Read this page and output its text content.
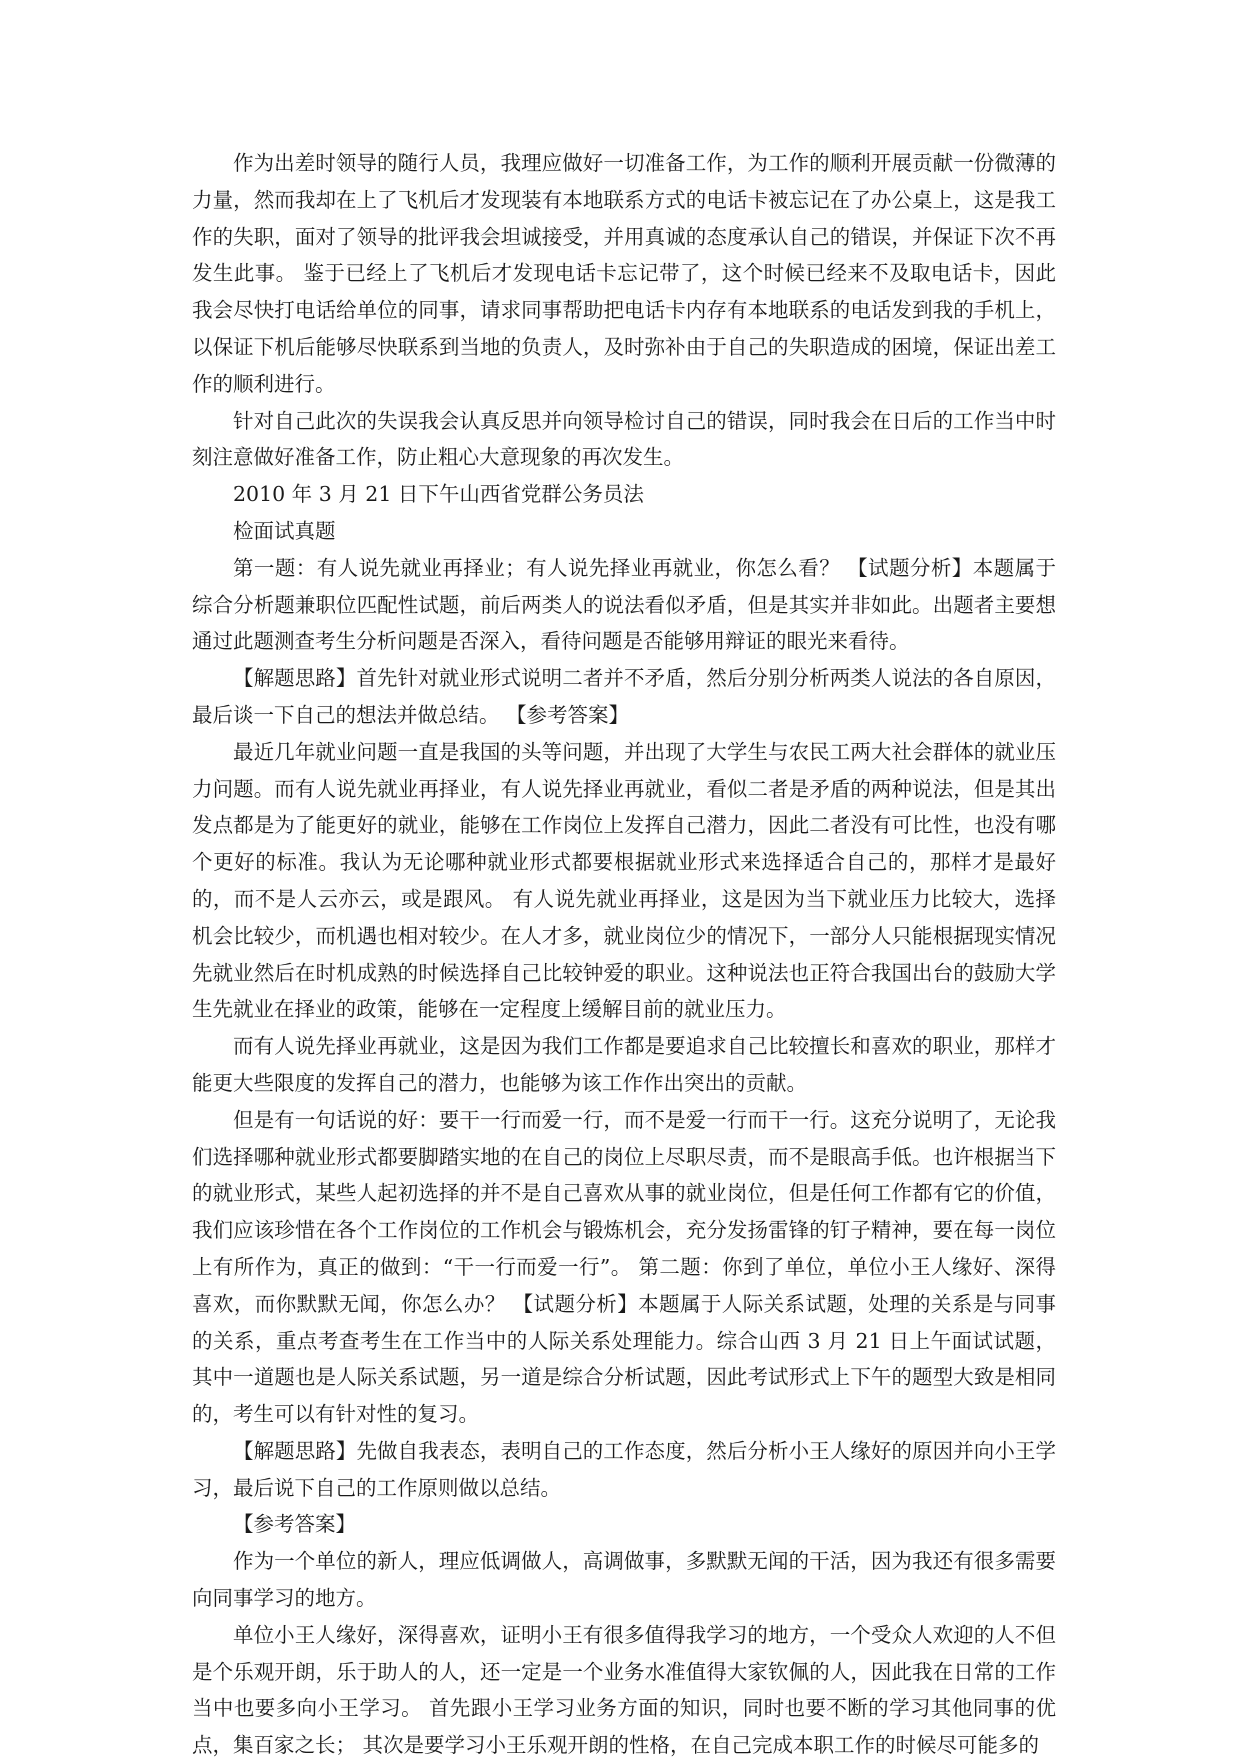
作为出差时领导的随行人员，我理应做好一切准备工作，为工作的顺利开展贡献一份微薄的力量，然而我却在上了飞机后才发现装有本地联系方式的电话卡被忘记在了办公桌上，这是我工作的失职，面对了领导的批评我会坦诚接受，并用真诚的态度承认自己的错误，并保证下次不再发生此事。 鉴于已经上了飞机后才发现电话卡忘记带了，这个时候已经来不及取电话卡，因此我会尽快打电话给单位的同事，请求同事帮助把电话卡内存有本地联系的电话发到我的手机上，以保证下机后能够尽快联系到当地的负责人，及时弥补由于自己的失职造成的困境，保证出差工作的顺利进行。

针对自己此次的失误我会认真反思并向领导检讨自己的错误，同时我会在日后的工作当中时刻注意做好准备工作，防止粗心大意现象的再次发生。

2010 年 3 月 21 日下午山西省党群公务员法

检面试真题

第一题：有人说先就业再择业；有人说先择业再就业，你怎么看？ 【试题分析】本题属于综合分析题兼职位匹配性试题，前后两类人的说法看似矛盾，但是其实并非如此。出题者主要想通过此题测查考生分析问题是否深入，看待问题是否能够用辩证的眼光来看待。

【解题思路】首先针对就业形式说明二者并不矛盾，然后分别分析两类人说法的各自原因，最后谈一下自己的想法并做总结。 【参考答案】

最近几年就业问题一直是我国的头等问题，并出现了大学生与农民工两大社会群体的就业压力问题。而有人说先就业再择业，有人说先择业再就业，看似二者是矛盾的两种说法，但是其出发点都是为了能更好的就业，能够在工作岗位上发挥自己潜力，因此二者没有可比性，也没有哪个更好的标准。我认为无论哪种就业形式都要根据就业形式来选择适合自己的，那样才是最好的，而不是人云亦云，或是跟风。 有人说先就业再择业，这是因为当下就业压力比较大，选择机会比较少，而机遇也相对较少。在人才多，就业岗位少的情况下，一部分人只能根据现实情况先就业然后在时机成熟的时候选择自己比较钟爱的职业。这种说法也正符合我国出台的鼓励大学生先就业在择业的政策，能够在一定程度上缓解目前的就业压力。

而有人说先择业再就业，这是因为我们工作都是要追求自己比较擅长和喜欢的职业，那样才能更大些限度的发挥自己的潜力，也能够为该工作作出突出的贡献。

但是有一句话说的好：要干一行而爱一行，而不是爱一行而干一行。这充分说明了，无论我们选择哪种就业形式都要脚踏实地的在自己的岗位上尽职尽责，而不是眼高手低。也许根据当下的就业形式，某些人起初选择的并不是自己喜欢从事的就业岗位，但是任何工作都有它的价值，我们应该珍惜在各个工作岗位的工作机会与锻炼机会，充分发扬雷锋的钉子精神，要在每一岗位上有所作为，真正的做到：“干一行而爱一行”。 第二题：你到了单位，单位小王人缘好、深得喜欢，而你默默无闻，你怎么办？ 【试题分析】本题属于人际关系试题，处理的关系是与同事的关系，重点考查考生在工作当中的人际关系处理能力。综合山西 3 月 21 日上午面试试题，其中一道题也是人际关系试题，另一道是综合分析试题，因此考试形式上下午的题型大致是相同的，考生可以有针对性的复习。

【解题思路】先做自我表态，表明自己的工作态度，然后分析小王人缘好的原因并向小王学习，最后说下自己的工作原则做以总结。

【参考答案】

作为一个单位的新人，理应低调做人，高调做事，多默默无闻的干活，因为我还有很多需要向同事学习的地方。

单位小王人缘好，深得喜欢，证明小王有很多值得我学习的地方，一个受众人欢迎的人不但是个乐观开朗，乐于助人的人，还一定是一个业务水准值得大家钦佩的人，因此我在日常的工作当中也要多向小王学习。 首先跟小王学习业务方面的知识，同时也要不断的学习其他同事的优点，集百家之长； 其次是要学习小王乐观开朗的性格，在自己完成本职工作的时候尽可能多的
